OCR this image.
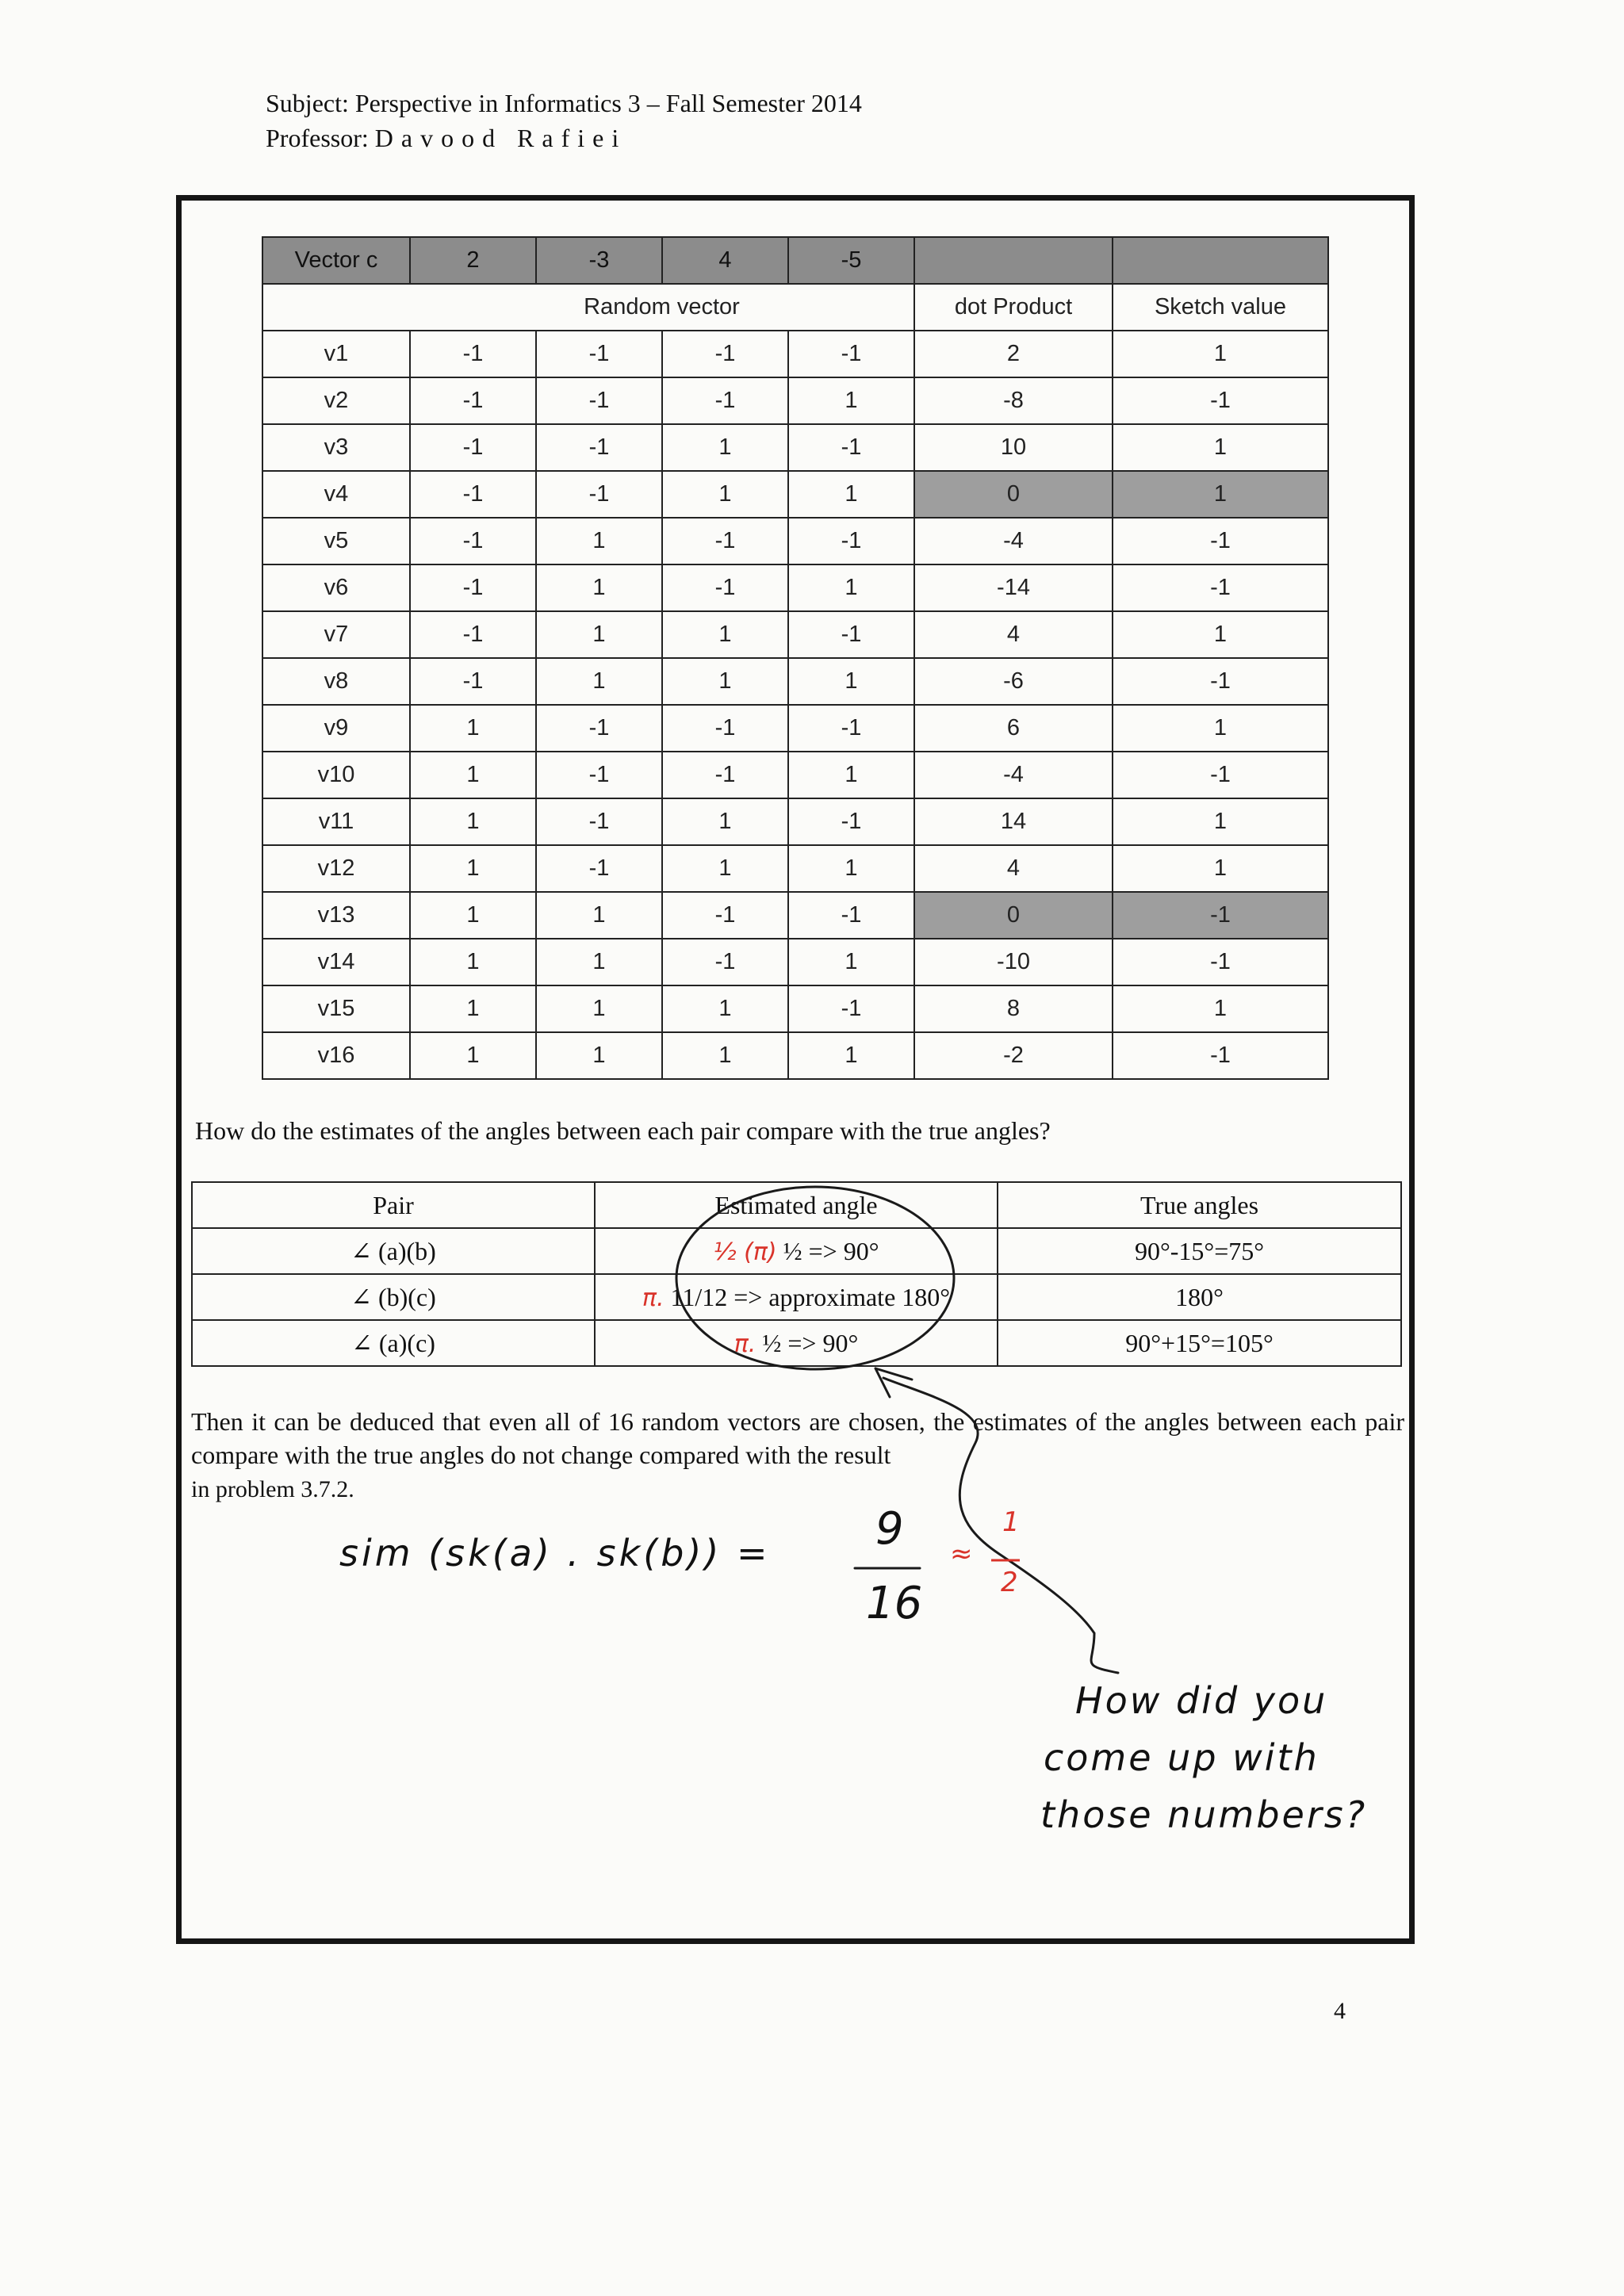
Subject: Perspective in Informatics 3 – Fall Semester 2014
Professor: Davood Rafiei
Vector c	2	-3	4	-5		
	Random vector				dot Product	Sketch value
v1	-1	-1	-1	-1	2	1
v2	-1	-1	-1	1	-8	-1
v3	-1	-1	1	-1	10	1
v4	-1	-1	1	1	0	1
v5	-1	1	-1	-1	-4	-1
v6	-1	1	-1	1	-14	-1
v7	-1	1	1	-1	4	1
v8	-1	1	1	1	-6	-1
v9	1	-1	-1	-1	6	1
v10	1	-1	-1	1	-4	-1
v11	1	-1	1	-1	14	1
v12	1	-1	1	1	4	1
v13	1	1	-1	-1	0	-1
v14	1	1	-1	1	-10	-1
v15	1	1	1	-1	8	1
v16	1	1	1	1	-2	-1
How do the estimates of the angles between each pair compare with the true angles?
Pair	Estimated angle	True angles
∠ (a)(b)	½ (π) ½ => 90°	90°-15°=75°
∠ (b)(c)	π. 11/12 => approximate 180°	180°
∠ (a)(c)	π. ½ => 90°	90°+15°=105°
Then it can be deduced that even all of 16 random vectors are chosen, the estimates of the angles between each pair compare with the true angles do not change compared with the result
in problem 3.7.2.
sim (sk(a) . sk(b)) = 9
16
≈
1
2
How did you
come up with
those numbers?
4
